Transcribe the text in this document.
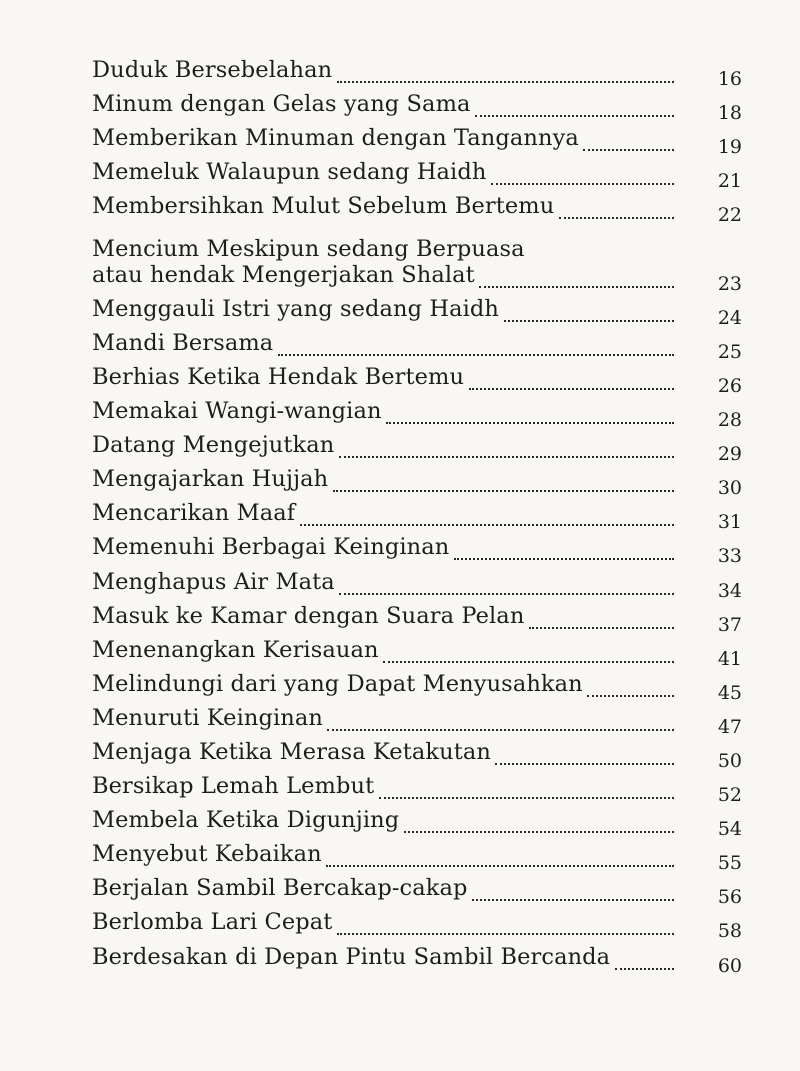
Duduk Bersebelahan	16
Minum dengan Gelas yang Sama	18
Memberikan Minuman dengan Tangannya	19
Memeluk Walaupun sedang Haidh	21
Membersihkan Mulut Sebelum Bertemu	22
Mencium Meskipun sedang Berpuasa
atau hendak Mengerjakan Shalat	23
Menggauli Istri yang sedang Haidh	24
Mandi Bersama	25
Berhias Ketika Hendak Bertemu	26
Memakai Wangi-wangian	28
Datang Mengejutkan	29
Mengajarkan Hujjah	30
Mencarikan Maaf	31
Memenuhi Berbagai Keinginan	33
Menghapus Air Mata	34
Masuk ke Kamar dengan Suara Pelan	37
Menenangkan Kerisauan	41
Melindungi dari yang Dapat Menyusahkan	45
Menuruti Keinginan	47
Menjaga Ketika Merasa Ketakutan	50
Bersikap Lemah Lembut	52
Membela Ketika Digunjing	54
Menyebut Kebaikan	55
Berjalan Sambil Bercakap-cakap	56
Berlomba Lari Cepat	58
Berdesakan di Depan Pintu Sambil Bercanda	60
